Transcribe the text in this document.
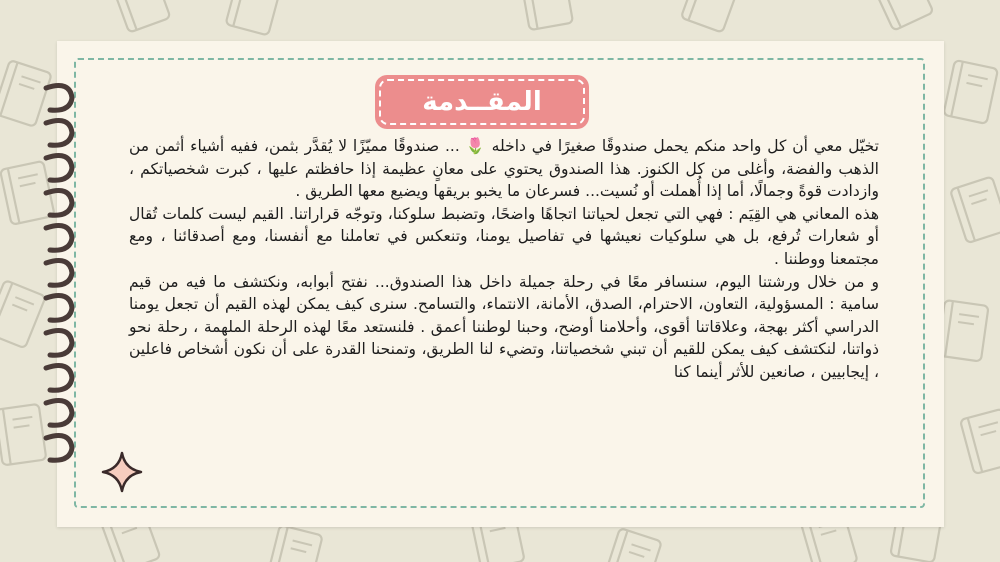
المقــدمة

تخيّل معي أن كل واحد منكم يحمل صندوقًا صغيرًا في داخله 🌷 ... صندوقًا مميّزًا لا يُقدَّر بثمن، ففيه أشياء أثمن من الذهب والفضة، وأغلى من كل الكنوز. هذا الصندوق يحتوي على معانٍ عظيمة إذا حافظتم عليها ، كبرت شخصياتكم ، وازدادت قوةً وجمالًا، أما إذا أُهملت أو نُسيت... فسرعان ما يخبو بريقها ويضيع معها الطريق .

هذه المعاني هي القِيَم : فهي التي تجعل لحياتنا اتجاهًا واضحًا، وتضبط سلوكنا، وتوجّه قراراتنا. القيم ليست كلمات تُقال أو شعارات تُرفع، بل هي سلوكيات نعيشها في تفاصيل يومنا، وتنعكس في تعاملنا مع أنفسنا، ومع أصدقائنا ، ومع مجتمعنا ووطننا .

و من خلال ورشتنا اليوم، سنسافر معًا في رحلة جميلة داخل هذا الصندوق... نفتح أبوابه، ونكتشف ما فيه من قيم سامية : المسؤولية، التعاون، الاحترام، الصدق، الأمانة، الانتماء، والتسامح. سنرى كيف يمكن لهذه القيم أن تجعل يومنا الدراسي أكثر بهجة، وعلاقاتنا أقوى، وأحلامنا أوضح، وحبنا لوطننا أعمق . فلنستعد معًا لهذه الرحلة الملهمة ، رحلة نحو ذواتنا، لنكتشف كيف يمكن للقيم أن تبني شخصياتنا، وتضيء لنا الطريق، وتمنحنا القدرة على أن نكون أشخاص فاعلين ، إيجابيين ، صانعين للأثر أينما كنا
